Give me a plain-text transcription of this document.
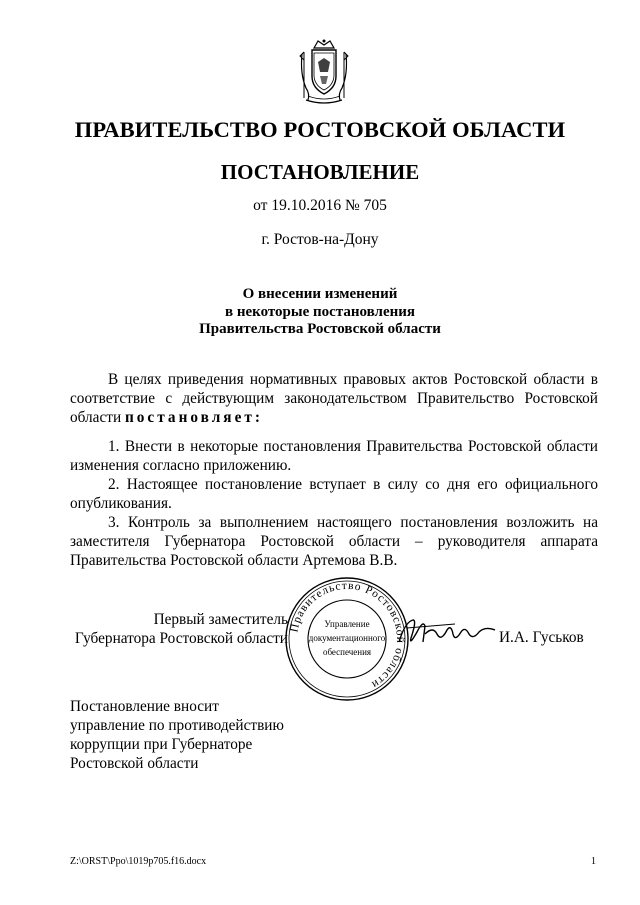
ПРАВИТЕЛЬСТВО РОСТОВСКОЙ ОБЛАСТИ
ПОСТАНОВЛЕНИЕ
от 19.10.2016 № 705
г. Ростов-на-Дону
О внесении изменений
в некоторые постановления
Правительства Ростовской области

В целях приведения нормативных правовых актов Ростовской области в соответствие с действующим законодательством Правительство Ростовской области постановляет:

1. Внести в некоторые постановления Правительства Ростовской области изменения согласно приложению.

2. Настоящее постановление вступает в силу со дня его официального опубликования.

3. Контроль за выполнением настоящего постановления возложить на заместителя Губернатора Ростовской области – руководителя аппарата Правительства Ростовской области Артемова В.В.

Первый заместитель
Губернатора Ростовской области
Правительство Ростовской области
Управление
документационного
обеспечения
И.А. Гуськов
Постановление вносит
управление по противодействию
коррупции при Губернаторе
Ростовской области
Z:\ORST\Ppo\1019p705.f16.docx	1
